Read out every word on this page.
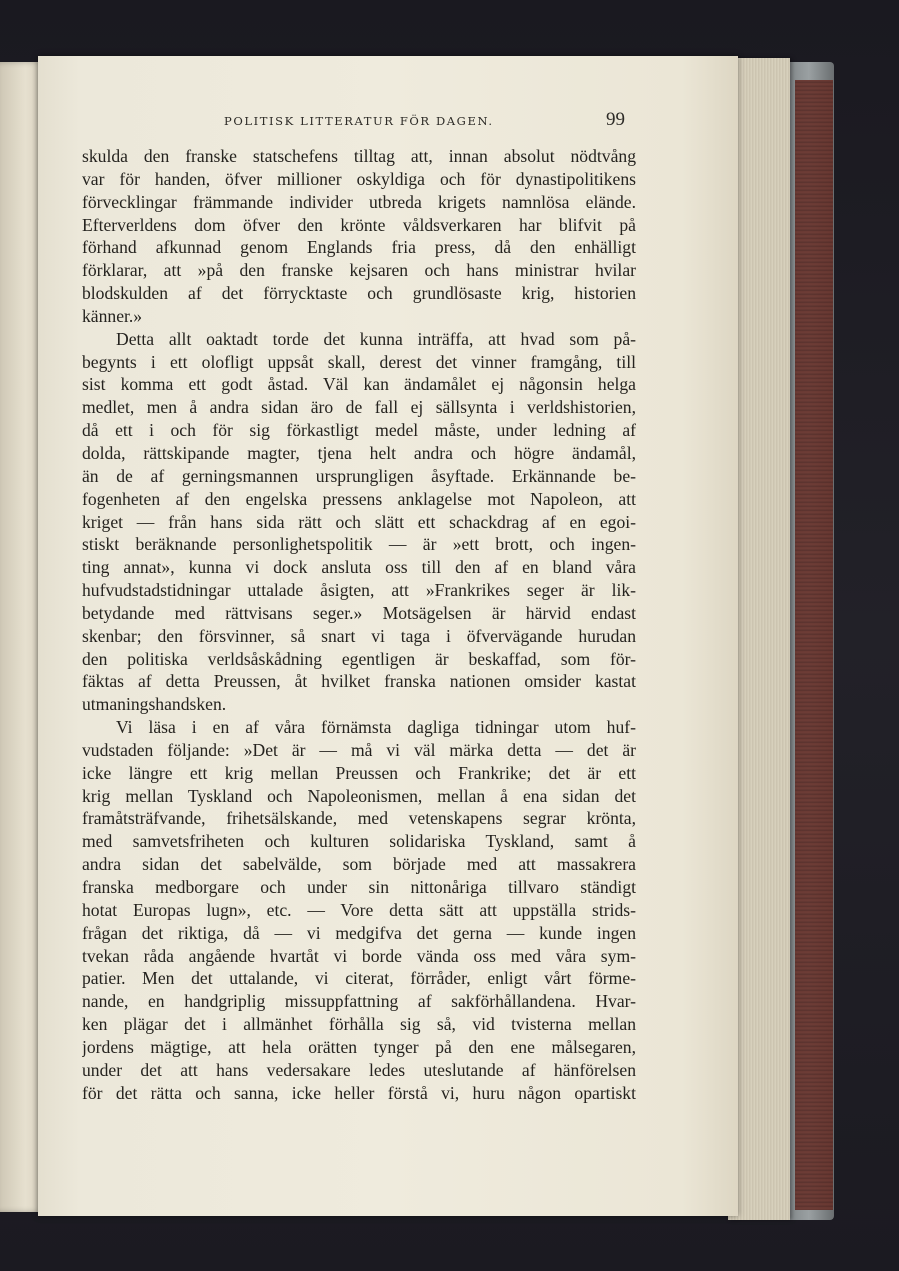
POLITISK LITTERATUR FÖR DAGEN.	99
skulda den franske statschefens tilltag att, innan absolut nödtvång
var för handen, öfver millioner oskyldiga och för dynastipolitikens
förvecklingar främmande individer utbreda krigets namnlösa elände.
Efterverldens dom öfver den krönte våldsverkaren har blifvit på
förhand afkunnad genom Englands fria press, då den enhälligt
förklarar, att »på den franske kejsaren och hans ministrar hvilar
blodskulden af det förrycktaste och grundlösaste krig, historien
känner.»
Detta allt oaktadt torde det kunna inträffa, att hvad som på-
begynts i ett olofligt uppsåt skall, derest det vinner framgång, till
sist komma ett godt åstad. Väl kan ändamålet ej någonsin helga
medlet, men å andra sidan äro de fall ej sällsynta i verldshistorien,
då ett i och för sig förkastligt medel måste, under ledning af
dolda, rättskipande magter, tjena helt andra och högre ändamål,
än de af gerningsmannen ursprungligen åsyftade. Erkännande be-
fogenheten af den engelska pressens anklagelse mot Napoleon, att
kriget — från hans sida rätt och slätt ett schackdrag af en egoi-
stiskt beräknande personlighetspolitik — är »ett brott, och ingen-
ting annat», kunna vi dock ansluta oss till den af en bland våra
hufvudstadstidningar uttalade åsigten, att »Frankrikes seger är lik-
betydande med rättvisans seger.» Motsägelsen är härvid endast
skenbar; den försvinner, så snart vi taga i öfvervägande hurudan
den politiska verldsåskådning egentligen är beskaffad, som för-
fäktas af detta Preussen, åt hvilket franska nationen omsider kastat
utmaningshandsken.
Vi läsa i en af våra förnämsta dagliga tidningar utom huf-
vudstaden följande: »Det är — må vi väl märka detta — det är
icke längre ett krig mellan Preussen och Frankrike; det är ett
krig mellan Tyskland och Napoleonismen, mellan å ena sidan det
framåtsträfvande, frihetsälskande, med vetenskapens segrar krönta,
med samvetsfriheten och kulturen solidariska Tyskland, samt å
andra sidan det sabelvälde, som började med att massakrera
franska medborgare och under sin nittonåriga tillvaro ständigt
hotat Europas lugn», etc. — Vore detta sätt att uppställa strids-
frågan det riktiga, då — vi medgifva det gerna — kunde ingen
tvekan råda angående hvartåt vi borde vända oss med våra sym-
patier. Men det uttalande, vi citerat, förråder, enligt vårt förme-
nande, en handgriplig missuppfattning af sakförhållandena. Hvar-
ken plägar det i allmänhet förhålla sig så, vid tvisterna mellan
jordens mägtige, att hela orätten tynger på den ene målsegaren,
under det att hans vedersakare ledes uteslutande af hänförelsen
för det rätta och sanna, icke heller förstå vi, huru någon opartiskt
